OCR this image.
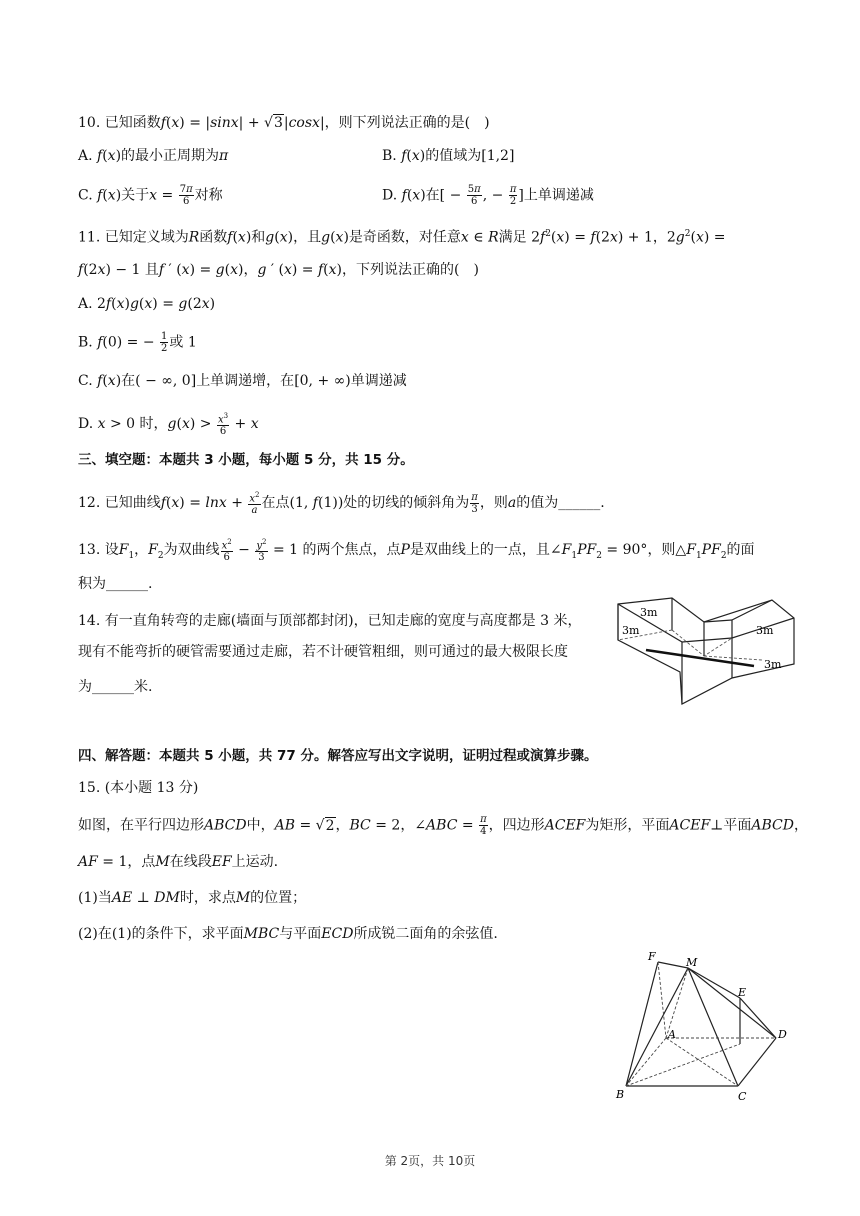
10. 已知函数f(x) = |sinx| + √3|cosx|，则下列说法正确的是(　)
A. f(x)的最小正周期为π	B. f(x)的值域为[1,2]
C. f(x)关于$x = \frac{7\pi}{6}$ 对称	D. f(x)在[ − $\frac{5\pi}{6}$ , − $\frac{\pi}{2}$ ]上单调递减
11. 已知定义域为R函数f(x)和g(x)，且g(x)是奇函数，对任意x ∈ R满足 $2f^2(x) = f(2x) + 1$，$2g^2(x)$ =
f(2x) − 1 且f ′ (x) = g(x)，g ′ (x) = f(x)，下列说法正确的(　)
A. 2f(x)g(x) = g(2x)
B. f(0) = − $\frac{1}{2}$ 或 1
C. f(x)在( − ∞, 0]上单调递增，在[0, + ∞)单调递减
D. x > 0 时，$g(x) > \frac{x^3}{6} + x$
三、填空题：本题共 3 小题，每小题 5 分，共 15 分。
12. 已知曲线$f(x) = \ln x + \frac{x^2}{a}$ 在点(1, f(1))处的切线的倾斜角为 $\frac{\pi}{3}$ ，则a的值为______.
13. 设$F_1$，$F_2$为双曲线 $\frac{x^2}{6} - \frac{y^2}{3} = 1$ 的两个焦点，点P是双曲线上的一点，且$\angle F_1PF_2 = 90^\circ$，则$\triangle F_1PF_2$的面
积为______.
14. 有一直角转弯的走廊(墙面与顶部都封闭)，已知走廊的宽度与高度都是 3 米，
现有不能弯折的硬管需要通过走廊，若不计硬管粗细，则可通过的最大极限长度
为______米.
3m
3m	3m
3m
四、解答题：本题共 5 小题，共 77 分。解答应写出文字说明，证明过程或演算步骤。
15. (本小题 13 分)
如图，在平行四边形ABCD中，AB = √2，BC = 2，∠ABC = $\frac{\pi}{4}$ ，四边形ACEF为矩形，平面ACEF⊥平面ABCD，
AF = 1，点M在线段EF上运动.
(1)当AE ⊥ DM时，求点M的位置；
(2)在(1)的条件下，求平面MBC与平面ECD所成锐二面角的余弦值.
F	M
E
A	D
B	C
第 2页，共 10页
